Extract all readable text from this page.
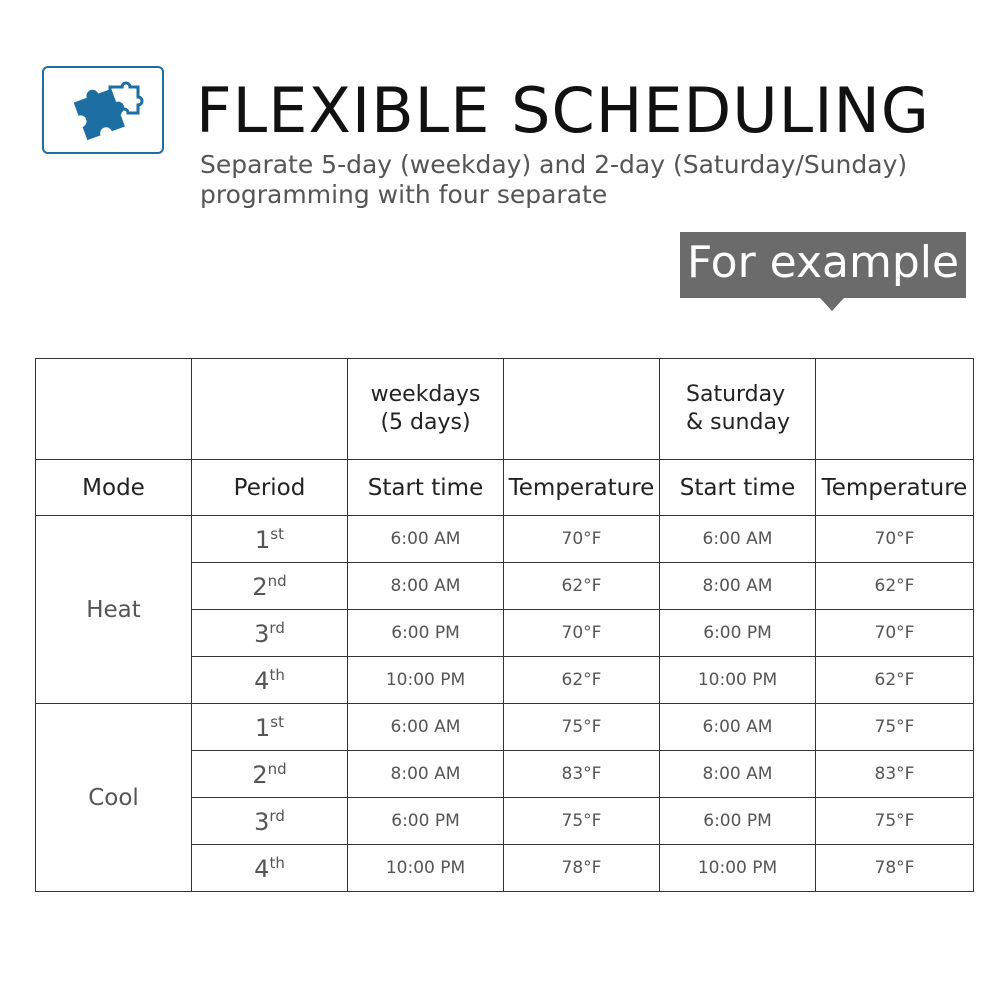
FLEXIBLE SCHEDULING
Separate 5-day (weekday) and 2-day (Saturday/Sunday) programming with four separate
For example
		weekdays (5 days)		Saturday & sunday	
Mode	Period	Start time	Temperature	Start time	Temperature
Heat	1st	6:00 AM	70°F	6:00 AM	70°F
	2nd	8:00 AM	62°F	8:00 AM	62°F
	3rd	6:00 PM	70°F	6:00 PM	70°F
	4th	10:00 PM	62°F	10:00 PM	62°F
Cool	1st	6:00 AM	75°F	6:00 AM	75°F
	2nd	8:00 AM	83°F	8:00 AM	83°F
	3rd	6:00 PM	75°F	6:00 PM	75°F
	4th	10:00 PM	78°F	10:00 PM	78°F
